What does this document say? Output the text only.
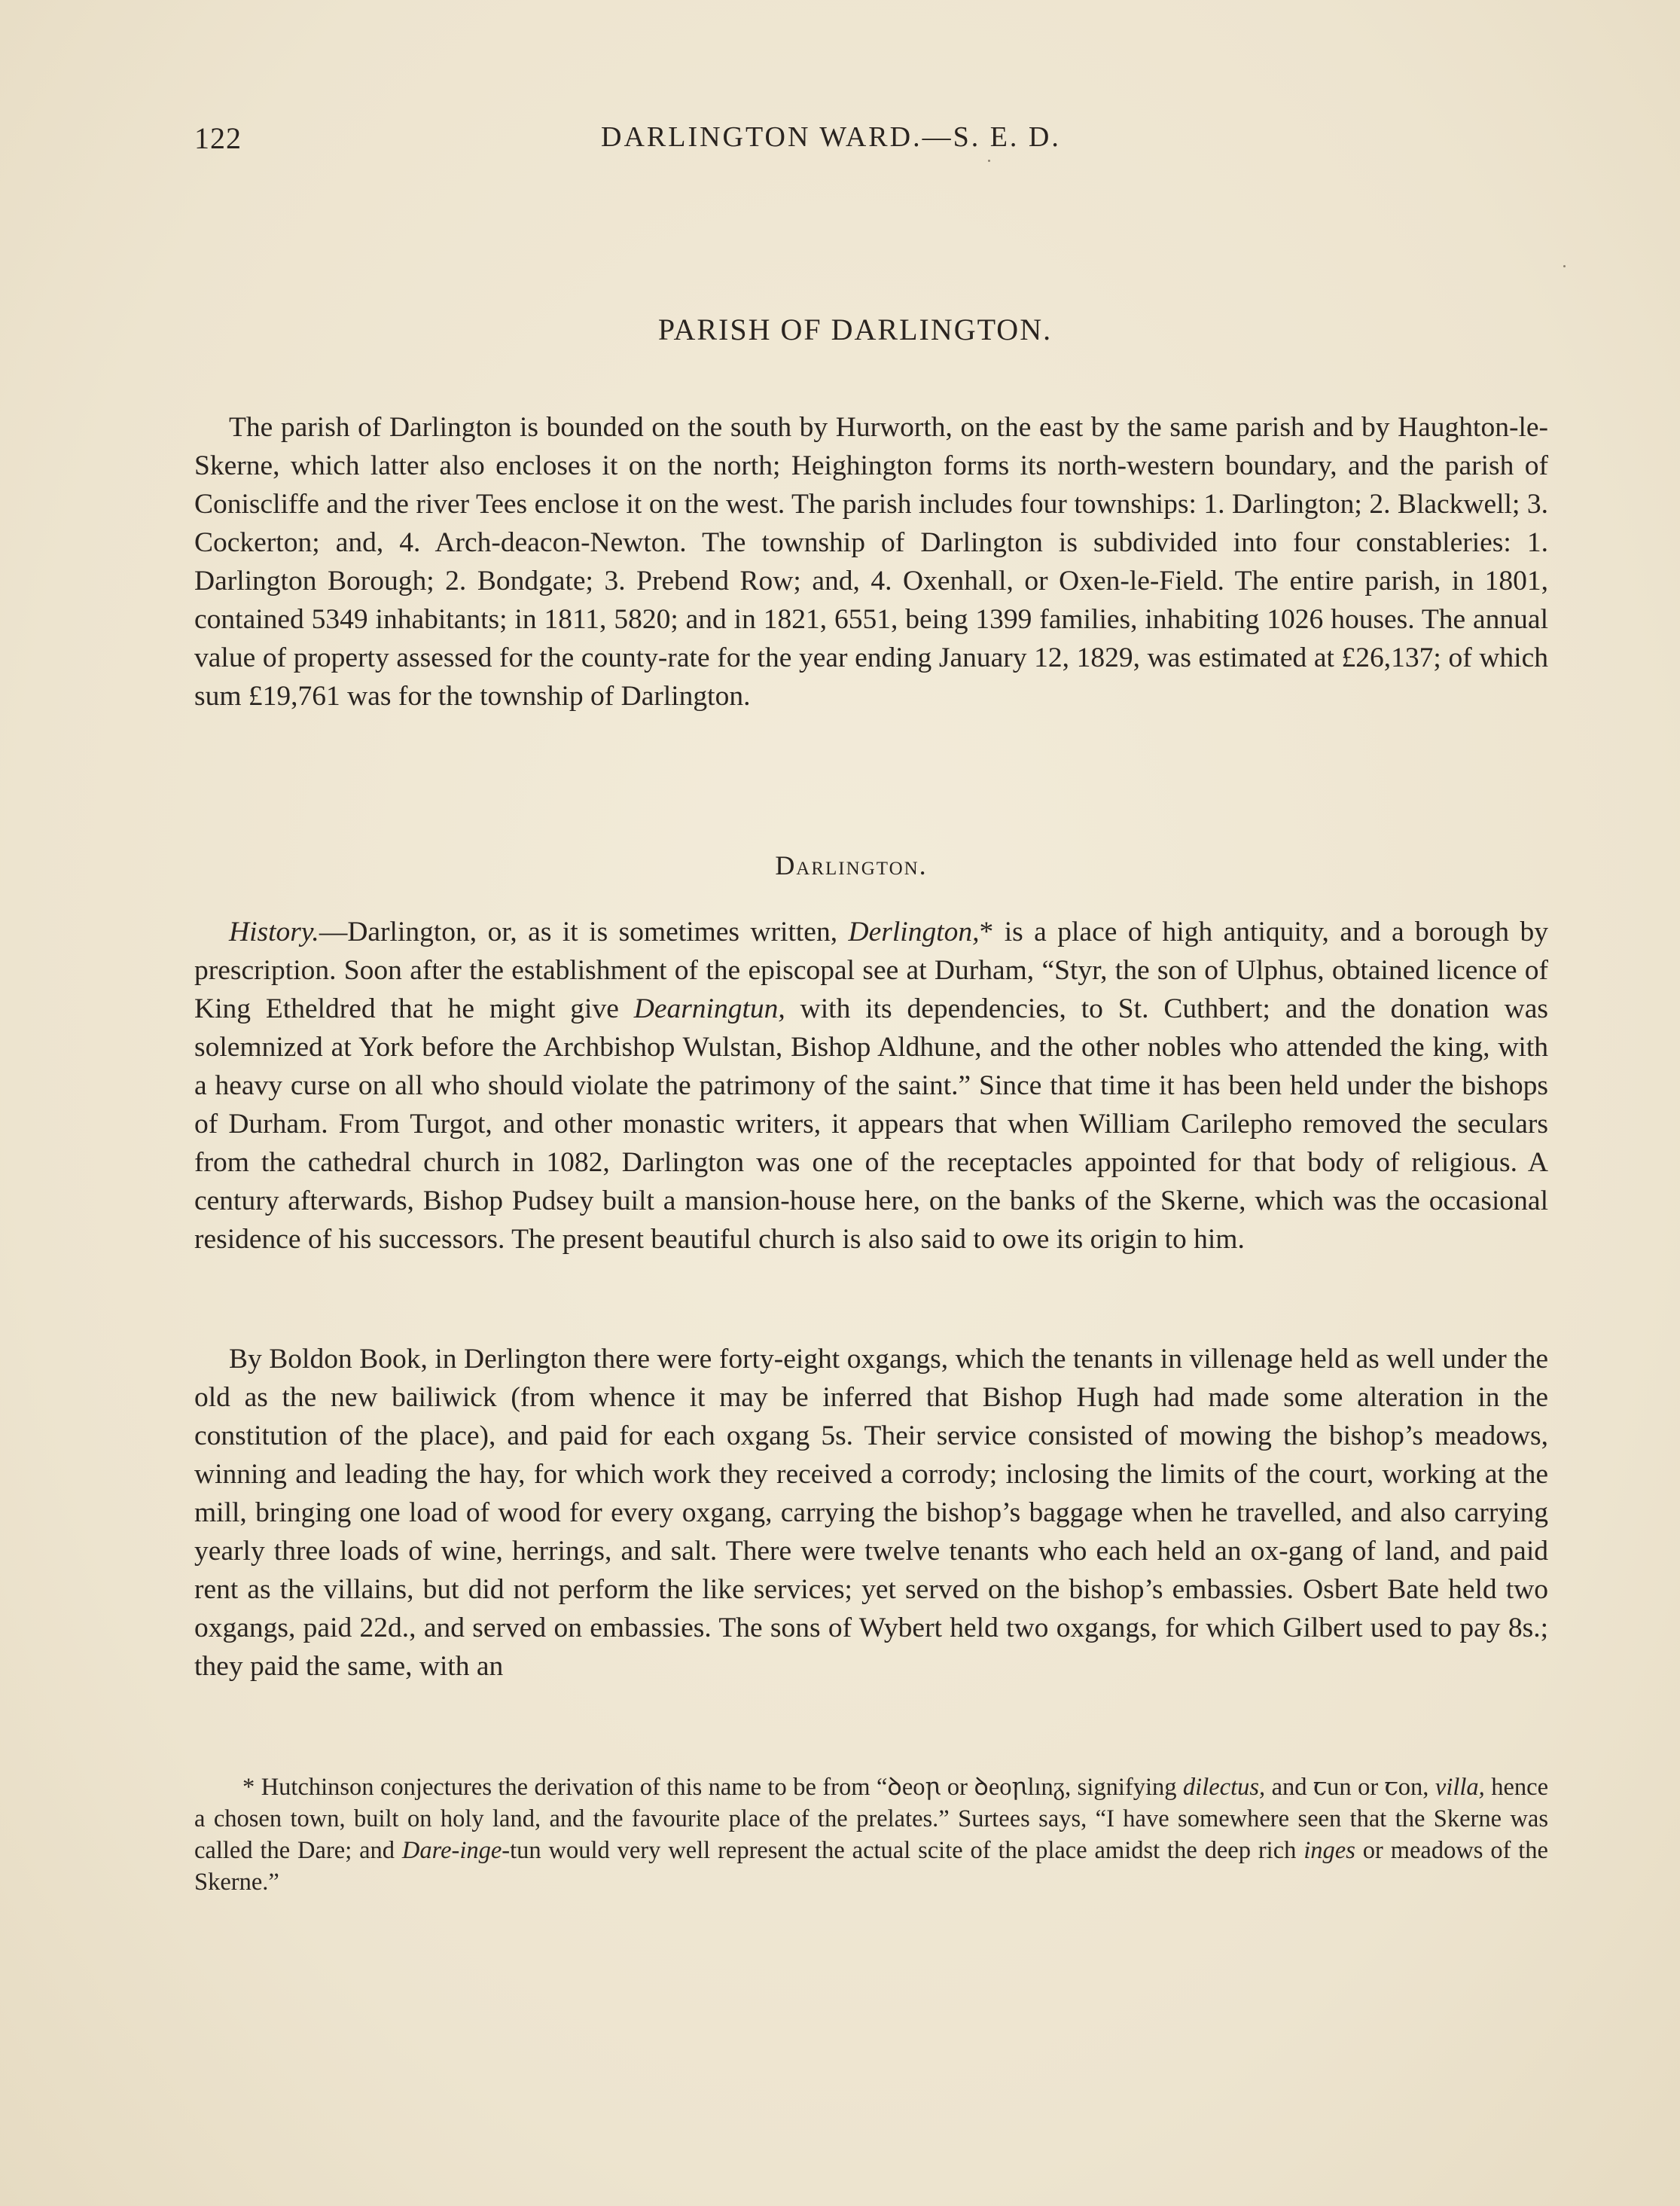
122	DARLINGTON WARD.—S. E. D.
PARISH OF DARLINGTON.

The parish of Darlington is bounded on the south by Hurworth, on the east by the same parish and by Haughton-le-Skerne, which latter also encloses it on the north; Heighington forms its north-western boundary, and the parish of Coniscliffe and the river Tees enclose it on the west. The parish includes four townships: 1. Darlington; 2. Blackwell; 3. Cockerton; and, 4. Arch-deacon-Newton. The township of Darlington is subdivided into four constableries: 1. Darlington Borough; 2. Bondgate; 3. Prebend Row; and, 4. Oxenhall, or Oxen-le-Field. The entire parish, in 1801, contained 5349 inhabitants; in 1811, 5820; and in 1821, 6551, being 1399 families, inhabiting 1026 houses. The annual value of property assessed for the county-rate for the year ending January 12, 1829, was estimated at £26,137; of which sum £19,761 was for the township of Darlington.

Darlington.

History.—Darlington, or, as it is sometimes written, Derlington,* is a place of high antiquity, and a borough by prescription. Soon after the establishment of the episcopal see at Durham, “Styr, the son of Ulphus, obtained licence of King Etheldred that he might give Dearningtun, with its dependencies, to St. Cuthbert; and the donation was solemnized at York before the Archbishop Wulstan, Bishop Aldhune, and the other nobles who attended the king, with a heavy curse on all who should violate the patrimony of the saint.” Since that time it has been held under the bishops of Durham. From Turgot, and other monastic writers, it appears that when William Carilepho removed the seculars from the cathedral church in 1082, Darlington was one of the receptacles appointed for that body of religious. A century afterwards, Bishop Pudsey built a mansion-house here, on the banks of the Skerne, which was the occasional residence of his successors. The present beautiful church is also said to owe its origin to him.

By Boldon Book, in Derlington there were forty-eight oxgangs, which the tenants in villenage held as well under the old as the new bailiwick (from whence it may be inferred that Bishop Hugh had made some alteration in the constitution of the place), and paid for each oxgang 5s. Their service consisted of mowing the bishop’s meadows, winning and leading the hay, for which work they received a corrody; inclosing the limits of the court, working at the mill, bringing one load of wood for every oxgang, carrying the bishop’s baggage when he travelled, and also carrying yearly three loads of wine, herrings, and salt. There were twelve tenants who each held an ox-gang of land, and paid rent as the villains, but did not perform the like services; yet served on the bishop’s embassies. Osbert Bate held two oxgangs, paid 22d., and served on embassies. The sons of Wybert held two oxgangs, for which Gilbert used to pay 8s.; they paid the same, with an

* Hutchinson conjectures the derivation of this name to be from “ꝺeoꞃ or ꝺeoꞃlınᵹ, signifying dilectus, and ꞇun or ꞇon, villa, hence a chosen town, built on holy land, and the favourite place of the prelates.” Surtees says, “I have somewhere seen that the Skerne was called the Dare; and Dare-inge-tun would very well represent the actual scite of the place amidst the deep rich inges or meadows of the Skerne.”
